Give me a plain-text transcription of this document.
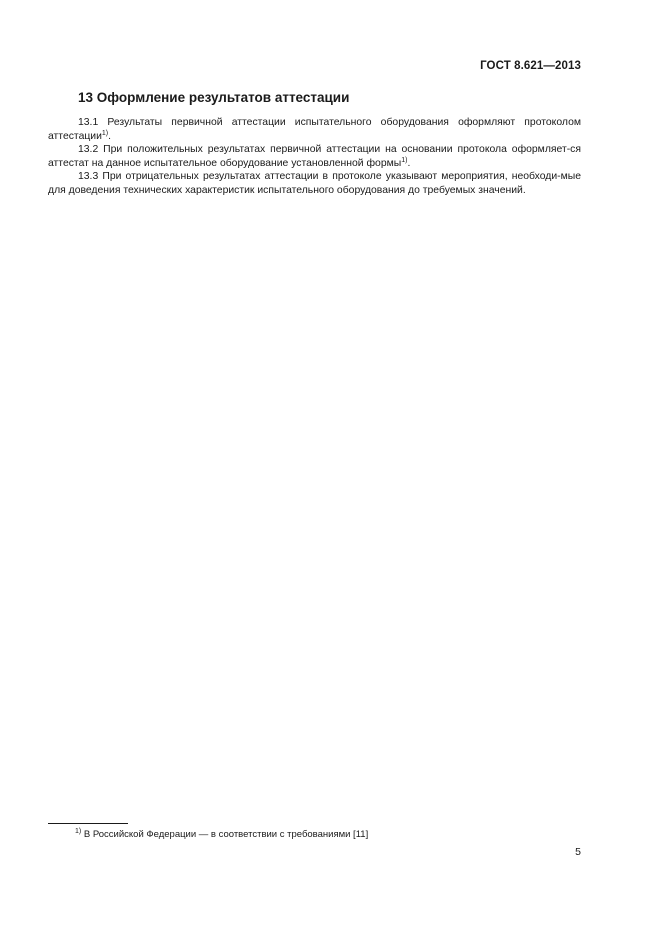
ГОСТ 8.621—2013
13 Оформление результатов аттестации

13.1 Результаты первичной аттестации испытательного оборудования оформляют протоколом аттестации$^{1)}$.

13.2 При положительных результатах первичной аттестации на основании протокола оформляет-ся аттестат на данное испытательное оборудование установленной формы$^{1)}$.

13.3 При отрицательных результатах аттестации в протоколе указывают мероприятия, необходи-мые для доведения технических характеристик испытательного оборудования до требуемых значений.

$^{1)}$ В Российской Федерации — в соответствии с требованиями [11]
5
